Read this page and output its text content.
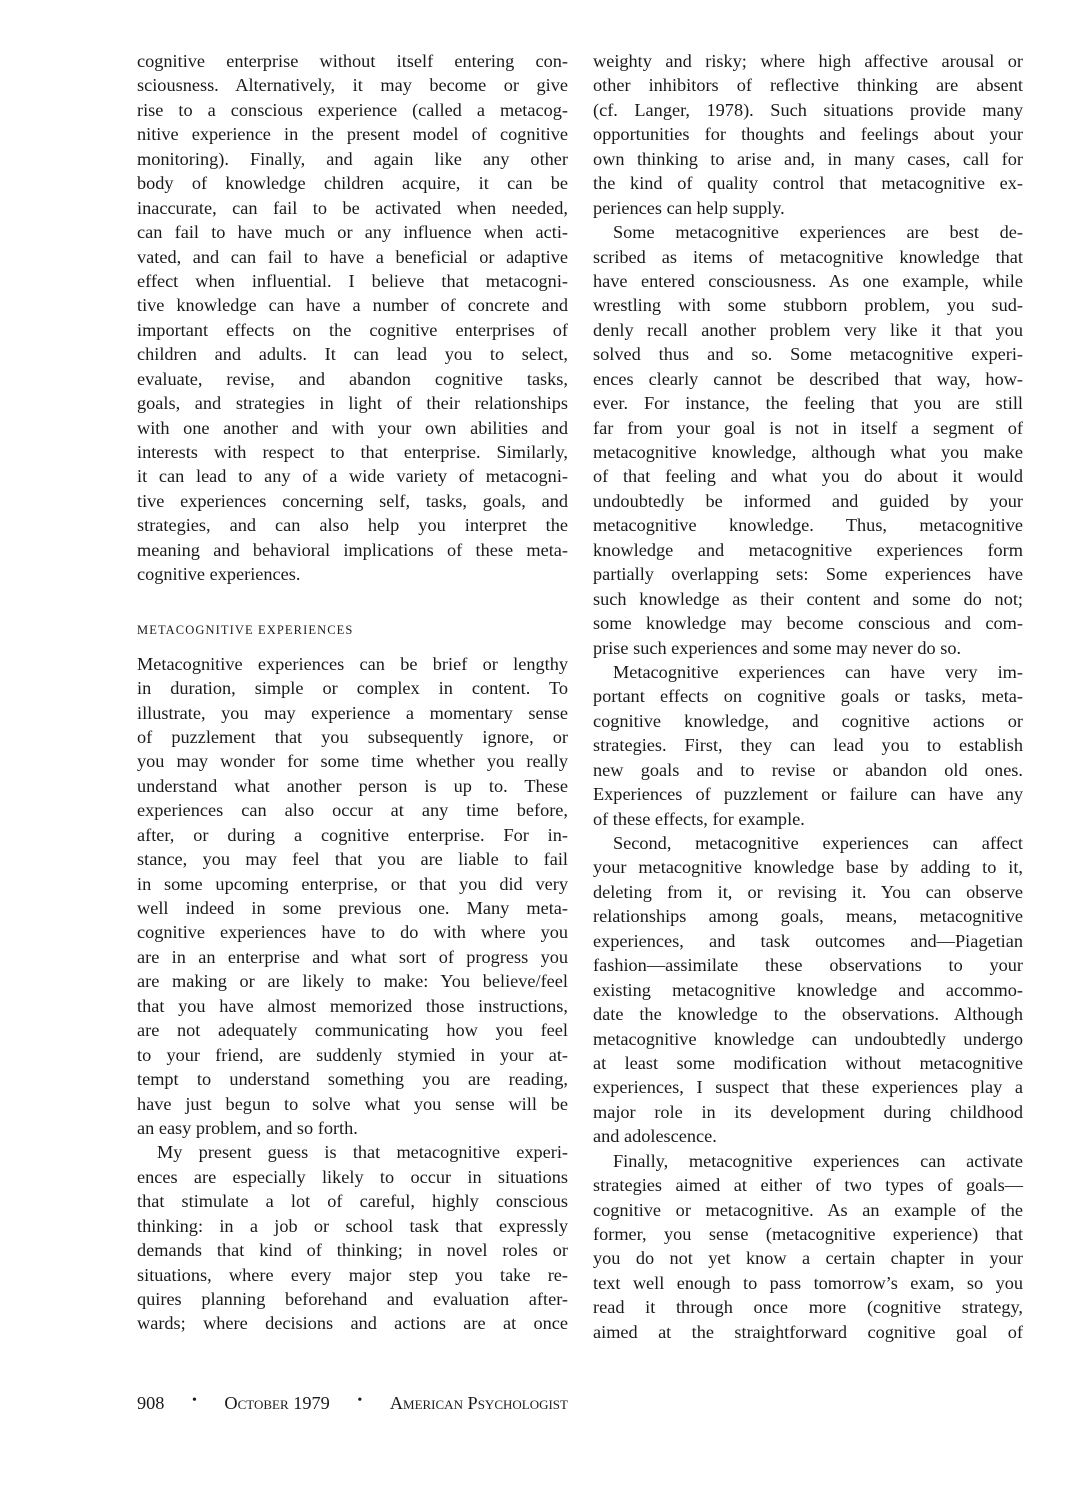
cognitive enterprise without itself entering con-
sciousness. Alternatively, it may become or give
rise to a conscious experience (called a metacog-
nitive experience in the present model of cognitive
monitoring). Finally, and again like any other
body of knowledge children acquire, it can be
inaccurate, can fail to be activated when needed,
can fail to have much or any influence when acti-
vated, and can fail to have a beneficial or adaptive
effect when influential. I believe that metacogni-
tive knowledge can have a number of concrete and
important effects on the cognitive enterprises of
children and adults. It can lead you to select,
evaluate, revise, and abandon cognitive tasks,
goals, and strategies in light of their relationships
with one another and with your own abilities and
interests with respect to that enterprise. Similarly,
it can lead to any of a wide variety of metacogni-
tive experiences concerning self, tasks, goals, and
strategies, and can also help you interpret the
meaning and behavioral implications of these meta-
cognitive experiences.
METACOGNITIVE EXPERIENCES
Metacognitive experiences can be brief or lengthy
in duration, simple or complex in content. To
illustrate, you may experience a momentary sense
of puzzlement that you subsequently ignore, or
you may wonder for some time whether you really
understand what another person is up to. These
experiences can also occur at any time before,
after, or during a cognitive enterprise. For in-
stance, you may feel that you are liable to fail
in some upcoming enterprise, or that you did very
well indeed in some previous one. Many meta-
cognitive experiences have to do with where you
are in an enterprise and what sort of progress you
are making or are likely to make: You believe/feel
that you have almost memorized those instructions,
are not adequately communicating how you feel
to your friend, are suddenly stymied in your at-
tempt to understand something you are reading,
have just begun to solve what you sense will be
an easy problem, and so forth.
My present guess is that metacognitive experi-
ences are especially likely to occur in situations
that stimulate a lot of careful, highly conscious
thinking: in a job or school task that expressly
demands that kind of thinking; in novel roles or
situations, where every major step you take re-
quires planning beforehand and evaluation after-
wards; where decisions and actions are at once
weighty and risky; where high affective arousal or
other inhibitors of reflective thinking are absent
(cf. Langer, 1978). Such situations provide many
opportunities for thoughts and feelings about your
own thinking to arise and, in many cases, call for
the kind of quality control that metacognitive ex-
periences can help supply.
Some metacognitive experiences are best de-
scribed as items of metacognitive knowledge that
have entered consciousness. As one example, while
wrestling with some stubborn problem, you sud-
denly recall another problem very like it that you
solved thus and so. Some metacognitive experi-
ences clearly cannot be described that way, how-
ever. For instance, the feeling that you are still
far from your goal is not in itself a segment of
metacognitive knowledge, although what you make
of that feeling and what you do about it would
undoubtedly be informed and guided by your
metacognitive knowledge. Thus, metacognitive
knowledge and metacognitive experiences form
partially overlapping sets: Some experiences have
such knowledge as their content and some do not;
some knowledge may become conscious and com-
prise such experiences and some may never do so.
Metacognitive experiences can have very im-
portant effects on cognitive goals or tasks, meta-
cognitive knowledge, and cognitive actions or
strategies. First, they can lead you to establish
new goals and to revise or abandon old ones.
Experiences of puzzlement or failure can have any
of these effects, for example.
Second, metacognitive experiences can affect
your metacognitive knowledge base by adding to it,
deleting from it, or revising it. You can observe
relationships among goals, means, metacognitive
experiences, and task outcomes and—Piagetian
fashion—assimilate these observations to your
existing metacognitive knowledge and accommo-
date the knowledge to the observations. Although
metacognitive knowledge can undoubtedly undergo
at least some modification without metacognitive
experiences, I suspect that these experiences play a
major role in its development during childhood
and adolescence.
Finally, metacognitive experiences can activate
strategies aimed at either of two types of goals—
cognitive or metacognitive. As an example of the
former, you sense (metacognitive experience) that
you do not yet know a certain chapter in your
text well enough to pass tomorrow’s exam, so you
read it through once more (cognitive strategy,
aimed at the straightforward cognitive goal of
908 • October 1979 • American Psychologist
